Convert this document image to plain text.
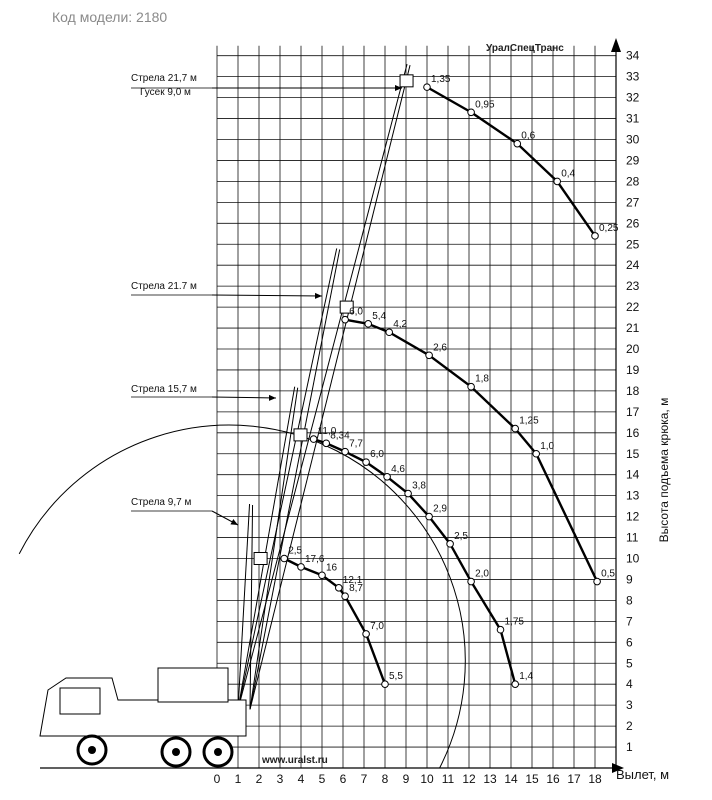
0 1 2 3 4 5 6 7 8 9 10 11 12 13 14 15 16 17 18
1
2
3
4
5
6
7
8
9
10
11
12
13
14
15
16
17
18
19
20
21
22
23
24
25
26
27
28
29
30
31
32
33
34
1,35
0,95
0,6
0,4
0,25
6,0 5,4
4,2
2,6
1,8
1,25
1,0
0,5
11,0
8,34
7,7
6,0
4,6
3,8
2,9
2,5
2,0
1,75
1,4
2,5
17,6
16
12,1
8,7
7,0
5,5
Код модели: 2180
УралСпецТранс
www.uralst.ru
Высота подъема крюка, м
Вылет, м
Стрела 21,7 м
Гусек 9,0 м
Стрела 21.7 м
Стрела 15,7 м
Стрела 9,7 м
